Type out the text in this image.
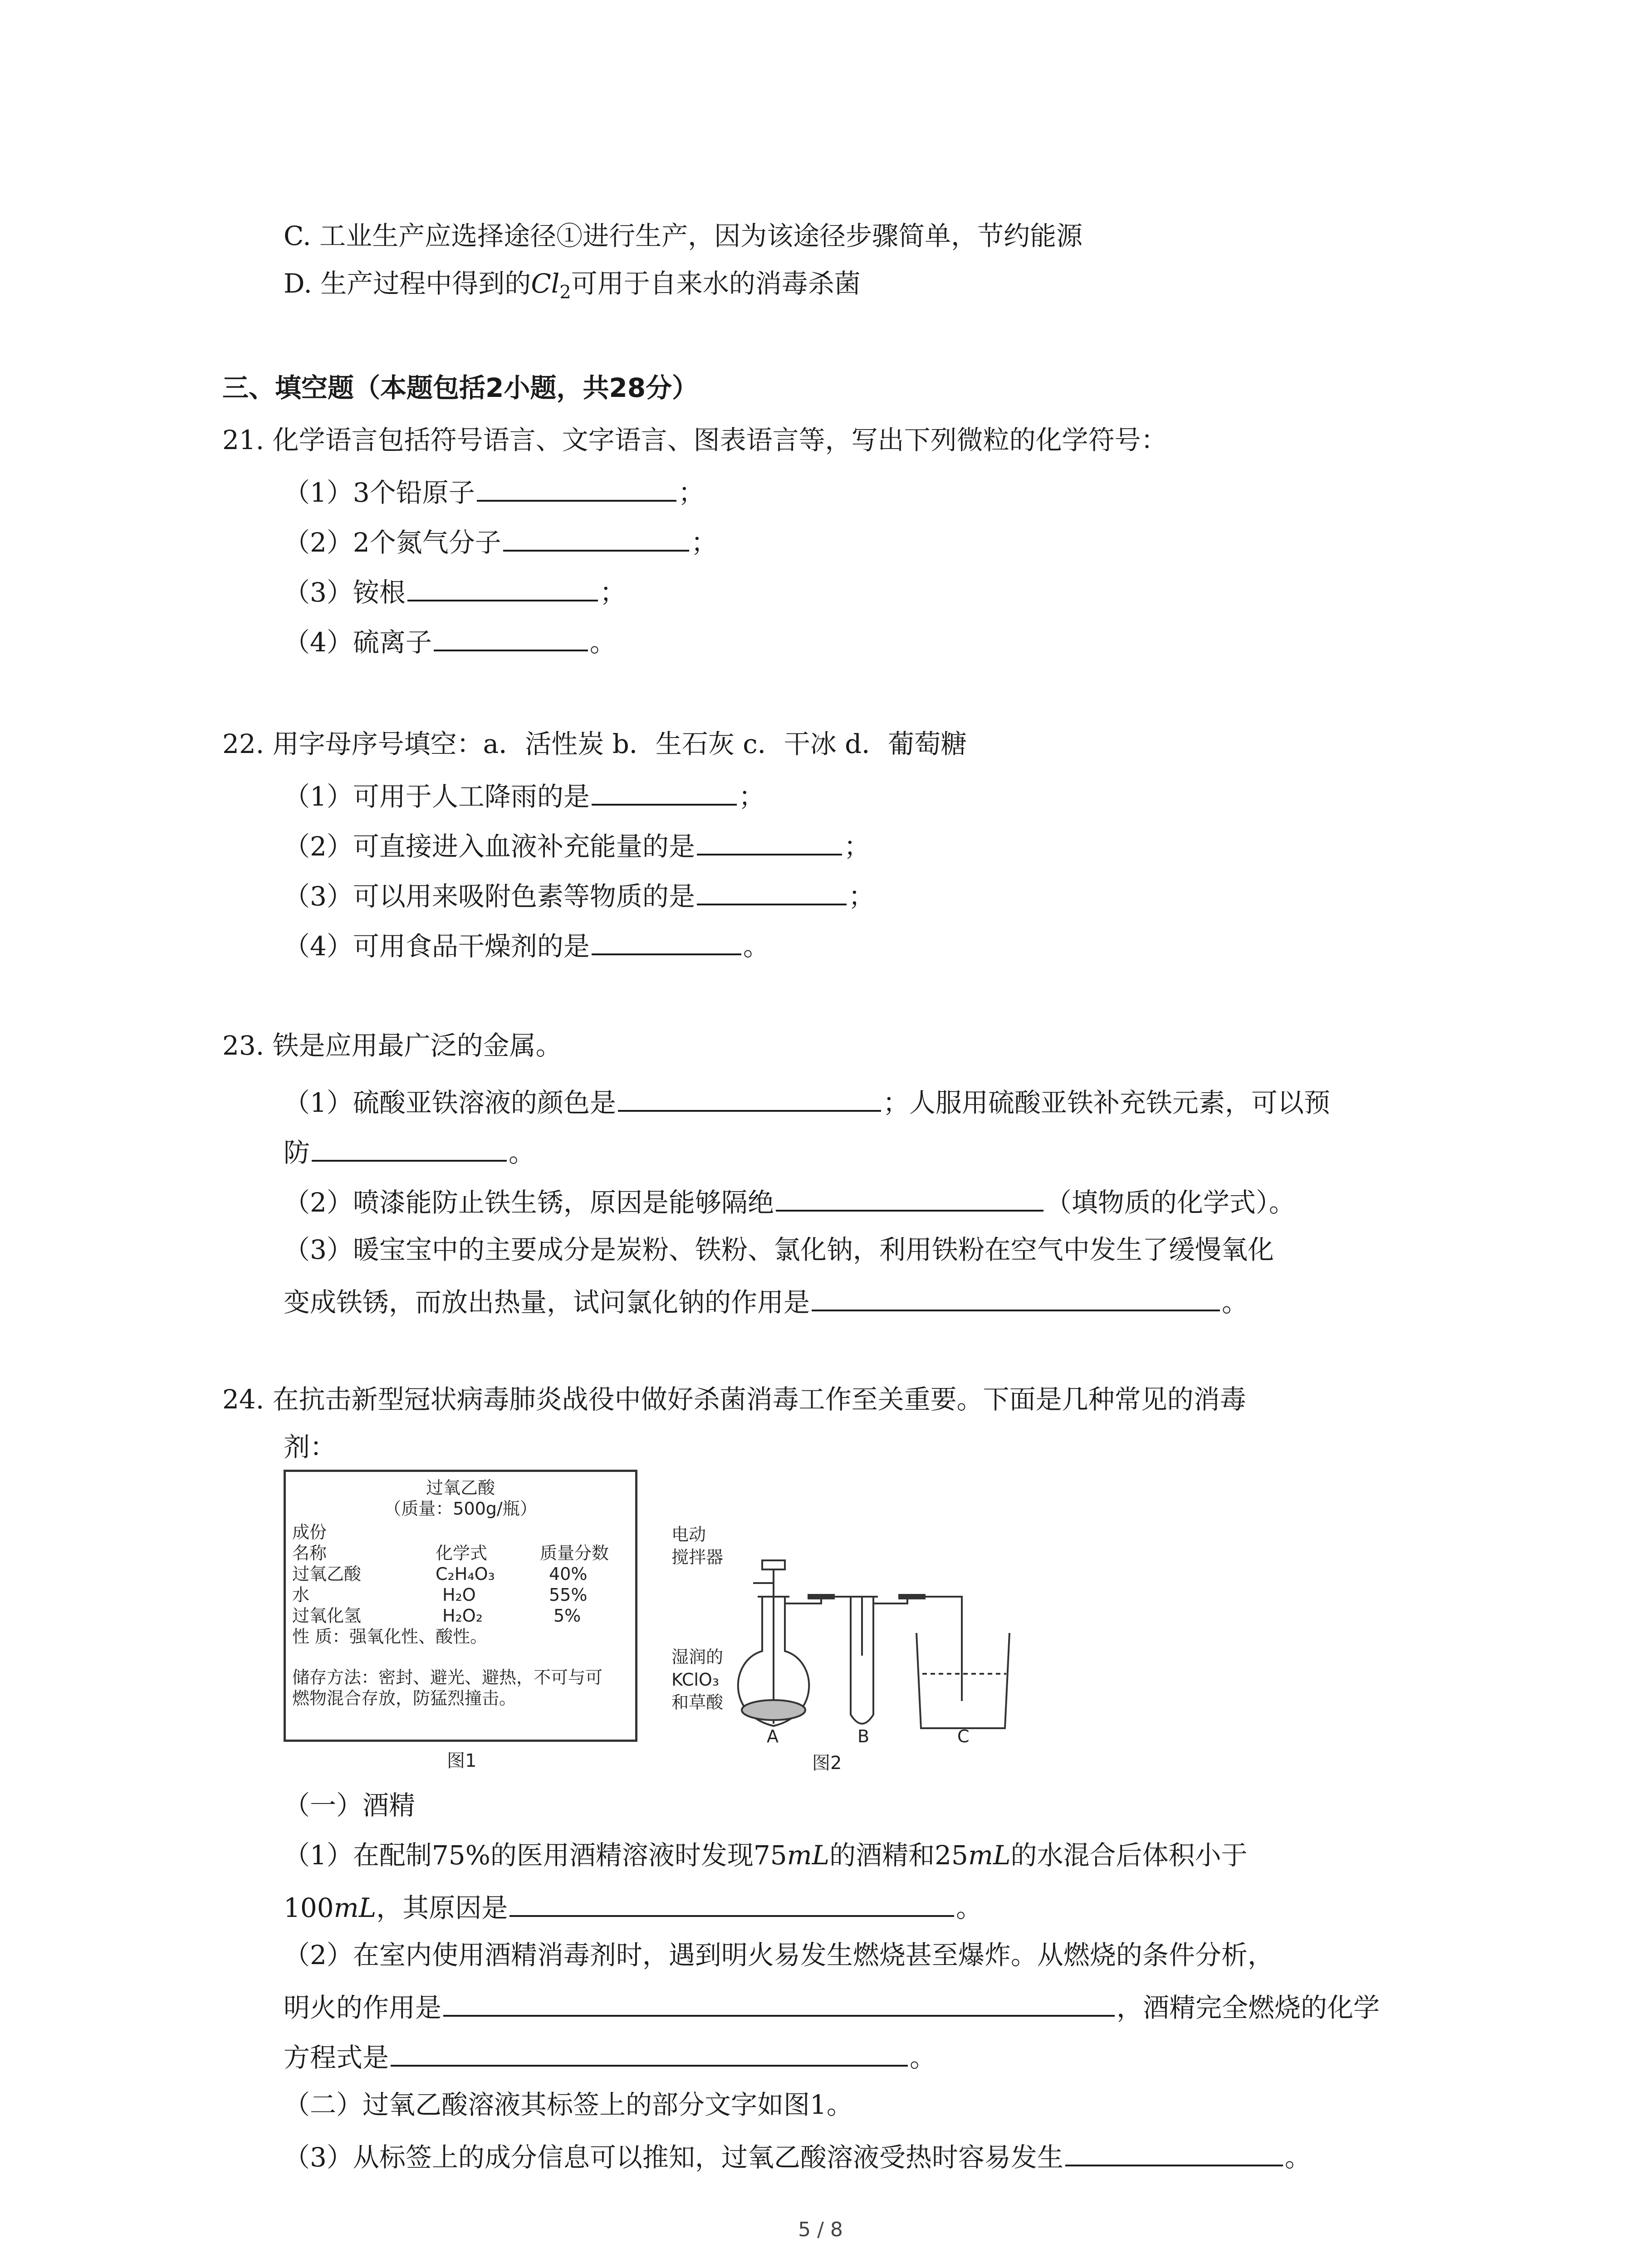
C. 工业生产应选择途径①进行生产，因为该途径步骤简单，节约能源
D. 生产过程中得到的$Cl_2$可用于自来水的消毒杀菌
三、填空题（本题包括2小题，共28分）
21. 化学语言包括符号语言、文字语言、图表语言等，写出下列微粒的化学符号：
（1）3个铅原子	；
（2）2个氮气分子	；
（3）铵根	；
（4）硫离子	。
22. 用字母序号填空：a．活性炭 b．生石灰 c．干冰 d．葡萄糖
（1）可用于人工降雨的是	；
（2）可直接进入血液补充能量的是	；
（3）可以用来吸附色素等物质的是	；
（4）可用食品干燥剂的是	。
23. 铁是应用最广泛的金属。
（1）硫酸亚铁溶液的颜色是	；人服用硫酸亚铁补充铁元素，可以预
防	。
（2）喷漆能防止铁生锈，原因是能够隔绝	（填物质的化学式）。
（3）暖宝宝中的主要成分是炭粉、铁粉、氯化钠，利用铁粉在空气中发生了缓慢氧化
变成铁锈，而放出热量，试问氯化钠的作用是	。
24. 在抗击新型冠状病毒肺炎战役中做好杀菌消毒工作至关重要。下面是几种常见的消毒
剂：
过氧乙酸
（质量：500g/瓶）
成份
名称	化学式	质量分数
过氧乙酸	C₂H₄O₃	40%
水	H₂O	55%
过氧化氢	H₂O₂	5%
性 质：强氧化性、酸性。
储存方法：密封、避光、避热，不可与可
燃物混合存放，防猛烈撞击。
图1
电动
搅拌器
湿润的
KClO₃
和草酸
A	B	C
图2
（一）酒精
（1）在配制75%的医用酒精溶液时发现75mL的酒精和25mL的水混合后体积小于
100mL，其原因是	。
（2）在室内使用酒精消毒剂时，遇到明火易发生燃烧甚至爆炸。从燃烧的条件分析，
明火的作用是	，酒精完全燃烧的化学
方程式是	。
（二）过氧乙酸溶液其标签上的部分文字如图1。
（3）从标签上的成分信息可以推知，过氧乙酸溶液受热时容易发生	。
5 / 8
